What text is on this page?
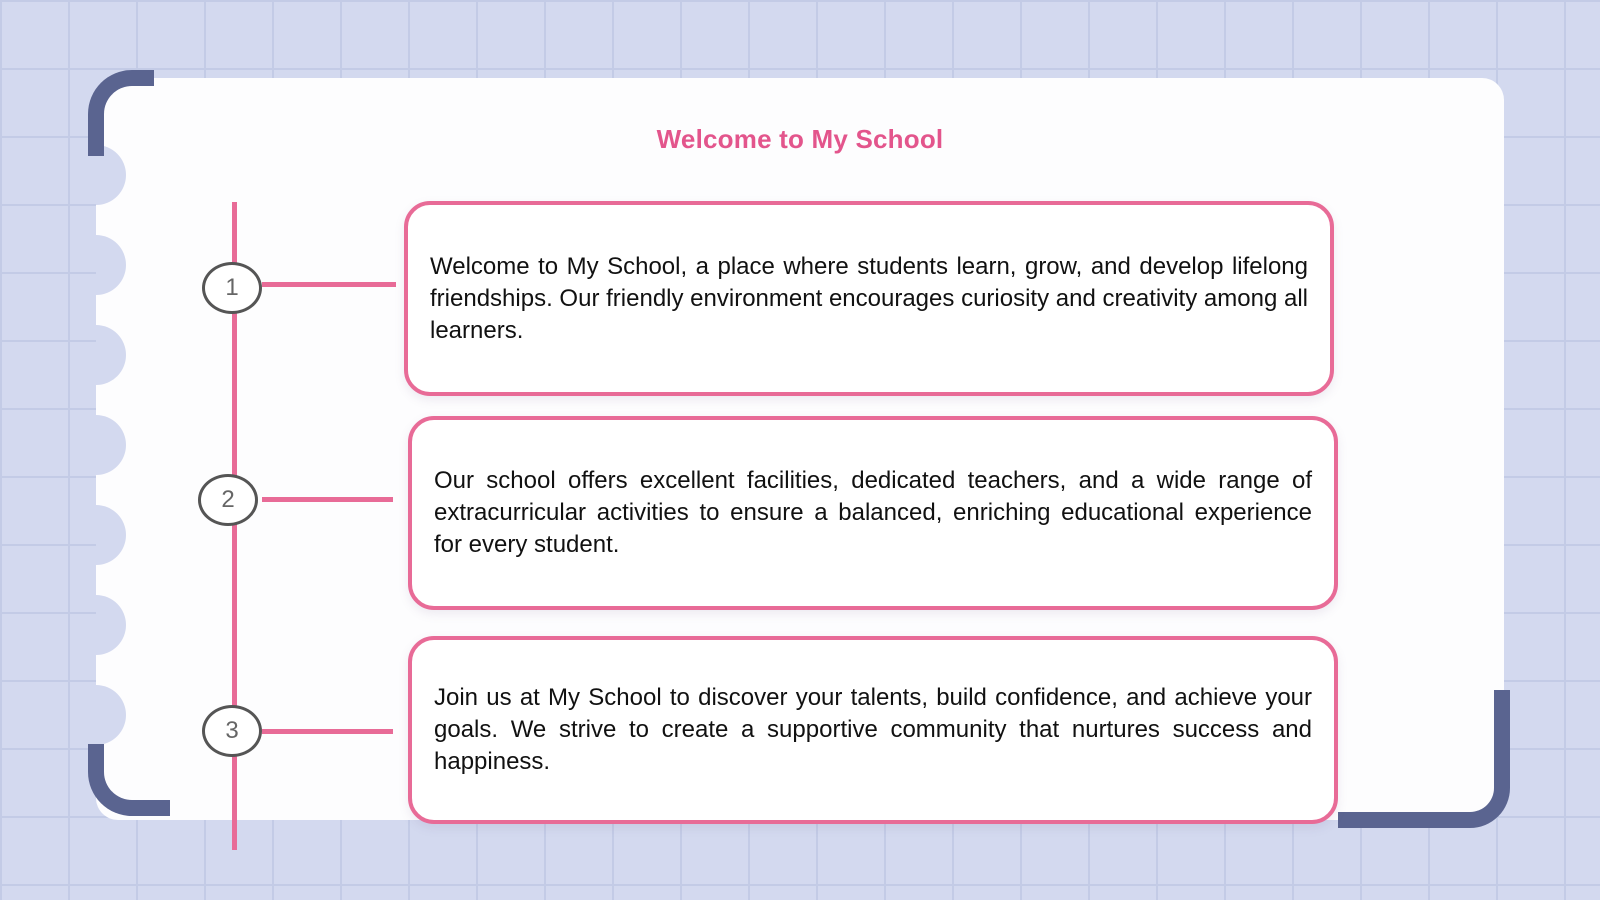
Welcome to My School
1
2
3

Welcome to My School, a place where students learn, grow, and develop lifelong friendships. Our friendly environment encourages curiosity and creativity among all learners.

Our school offers excellent facilities, dedicated teachers, and a wide range of extracurricular activities to ensure a balanced, enriching educational experience for every student.

Join us at My School to discover your talents, build confidence, and achieve your goals. We strive to create a supportive community that nurtures success and happiness.
